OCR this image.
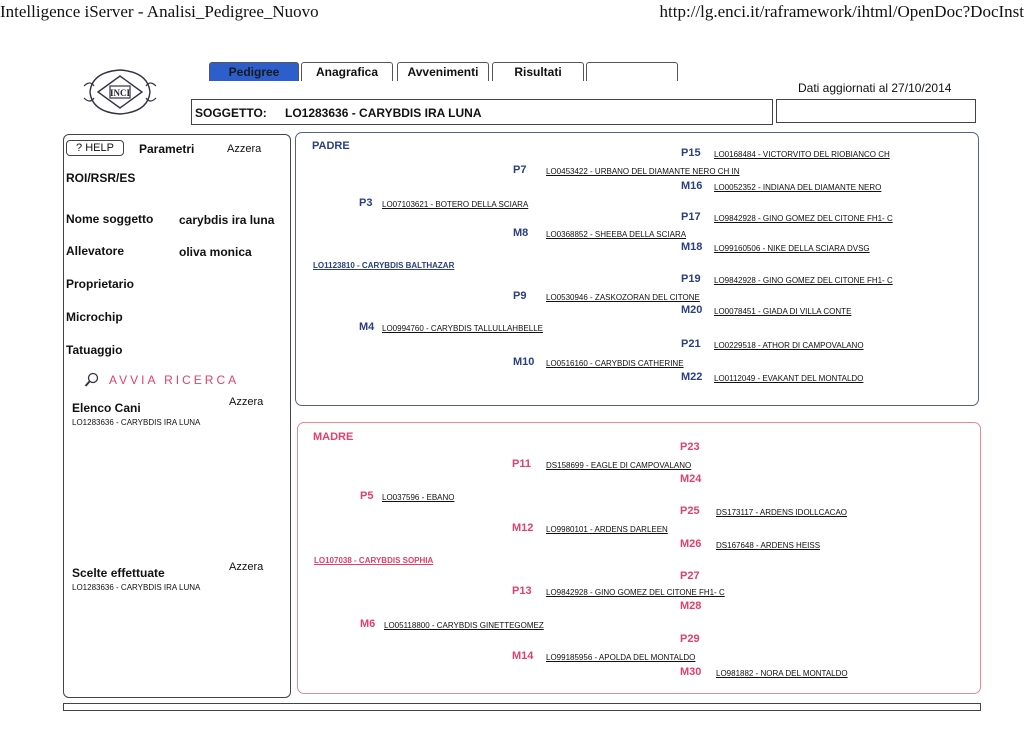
Intelligence iServer - Analisi_Pedigree_Nuovo	http://lg.enci.it/raframework/ihtml/OpenDoc?DocInst
INCI
Pedigree	Anagrafica	Avvenimenti	Risultati
Dati aggiornati al 27/10/2014
SOGGETTO: LO1283636 - CARYBDIS IRA LUNA
? HELP	Parametri	Azzera
ROI/RSR/ES
Nome soggetto carybdis ira luna
Allevatore	oliva monica
Proprietario
Microchip
Tatuaggio
AVVIA RICERCA
Elenco Cani	Azzera
LO1283636 - CARYBDIS IRA LUNA
Scelte effettuate	Azzera
LO1283636 - CARYBDIS IRA LUNA
PADRE
LO1123810 - CARYBDIS BALTHAZAR
P15 LO0168484 - VICTORVITO DEL RIOBIANCO CH
P7 LO0453422 - URBANO DEL DIAMANTE NERO CH IN
M16 LO0052352 - INDIANA DEL DIAMANTE NERO
P3 LO07103621 - BOTERO DELLA SCIARA
P17 LO9842928 - GINO GOMEZ DEL CITONE FH1- C
M8 LO0368852 - SHEEBA DELLA SCIARA
M18 LO99160506 - NIKE DELLA SCIARA DVSG
P19 LO9842928 - GINO GOMEZ DEL CITONE FH1- C
P9 LO0530946 - ZASKOZORAN DEL CITONE
M20 LO0078451 - GIADA DI VILLA CONTE
M4 LO0994760 - CARYBDIS TALLULLAHBELLE
P21 LO0229518 - ATHOR DI CAMPOVALANO
M10 LO0516160 - CARYBDIS CATHERINE
M22 LO0112049 - EVAKANT DEL MONTALDO
MADRE
LO107038 - CARYBDIS SOPHIA
P23
P11 DS158699 - EAGLE DI CAMPOVALANO
M24
P5 LO037596 - EBANO
P25 DS173117 - ARDENS IDOLLCACAO
M12 LO9980101 - ARDENS DARLEEN
M26 DS167648 - ARDENS HEISS
P27
P13 LO9842928 - GINO GOMEZ DEL CITONE FH1- C
M28
M6 LO05118800 - CARYBDIS GINETTEGOMEZ
P29
M14 LO99185956 - APOLDA DEL MONTALDO
M30 LO981882 - NORA DEL MONTALDO
